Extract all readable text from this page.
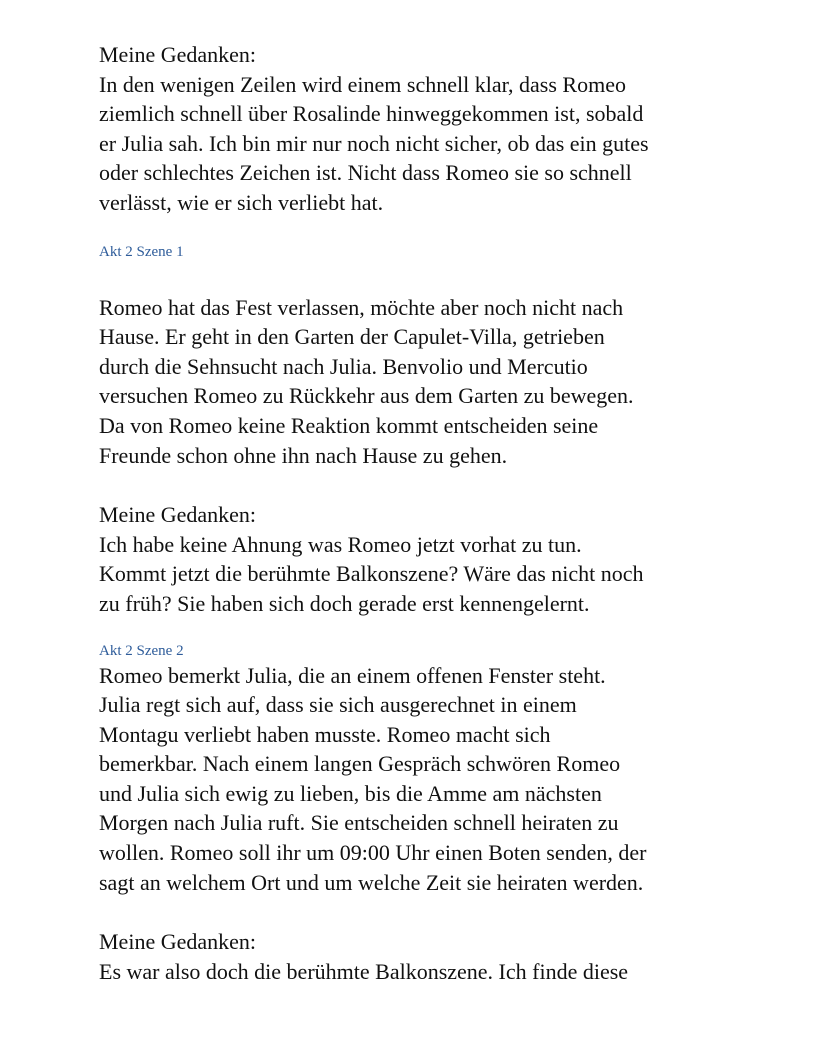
Meine Gedanken:

In den wenigen Zeilen wird einem schnell klar, dass Romeo

ziemlich schnell über Rosalinde hinweggekommen ist, sobald

er Julia sah. Ich bin mir nur noch nicht sicher, ob das ein gutes

oder schlechtes Zeichen ist. Nicht dass Romeo sie so schnell

verlässt, wie er sich verliebt hat.

Akt 2 Szene 1

Romeo hat das Fest verlassen, möchte aber noch nicht nach

Hause. Er geht in den Garten der Capulet-Villa, getrieben

durch die Sehnsucht nach Julia. Benvolio und Mercutio

versuchen Romeo zu Rückkehr aus dem Garten zu bewegen.

Da von Romeo keine Reaktion kommt entscheiden seine

Freunde schon ohne ihn nach Hause zu gehen.

Meine Gedanken:

Ich habe keine Ahnung was Romeo jetzt vorhat zu tun.

Kommt jetzt die berühmte Balkonszene? Wäre das nicht noch

zu früh? Sie haben sich doch gerade erst kennengelernt.

Akt 2 Szene 2

Romeo bemerkt Julia, die an einem offenen Fenster steht.

Julia regt sich auf, dass sie sich ausgerechnet in einem

Montagu verliebt haben musste. Romeo macht sich

bemerkbar. Nach einem langen Gespräch schwören Romeo

und Julia sich ewig zu lieben, bis die Amme am nächsten

Morgen nach Julia ruft. Sie entscheiden schnell heiraten zu

wollen. Romeo soll ihr um 09:00 Uhr einen Boten senden, der

sagt an welchem Ort und um welche Zeit sie heiraten werden.

Meine Gedanken:

Es war also doch die berühmte Balkonszene. Ich finde diese
